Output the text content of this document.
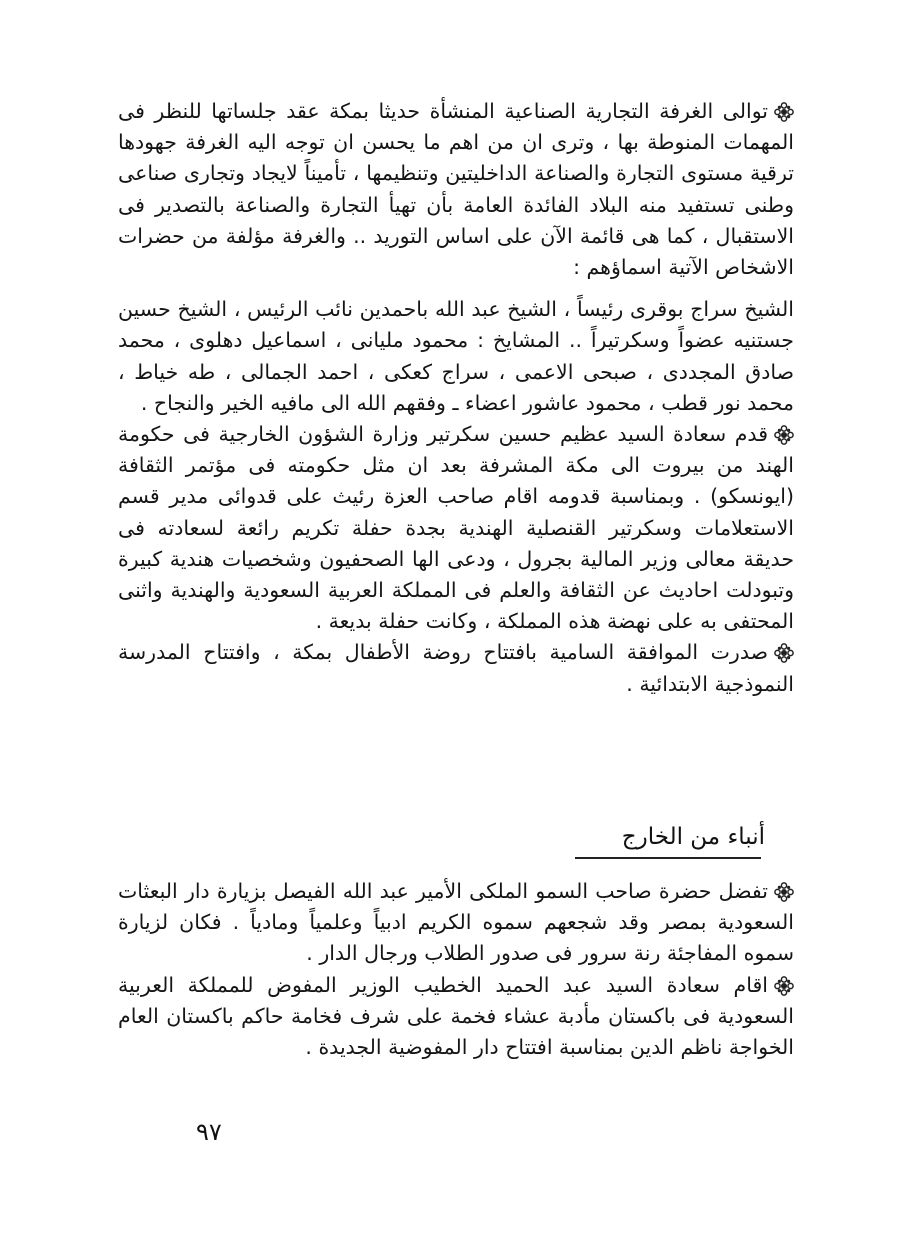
توالى الغرفة التجارية الصناعية المنشأة حديثا بمكة عقد جلساتها للنظر فى المهمات المنوطة بها ، وترى ان من اهم ما يحسن ان توجه اليه الغرفة جهودها ترقية مستوى التجارة والصناعة الداخليتين وتنظيمها ، تأميناً لايجاد وتجارى صناعى وطنى تستفيد منه البلاد الفائدة العامة بأن تهيأ التجارة والصناعة بالتصدير فى الاستقبال ، كما هى قائمة الآن على اساس التوريد .. والغرفة مؤلفة من حضرات الاشخاص الآتية اسماؤهم :

الشيخ سراج بوقرى رئيساً ، الشيخ عبد الله باحمدين نائب الرئيس ، الشيخ حسين جستنيه عضواً وسكرتيراً .. المشايخ : محمود مليانى ، اسماعيل دهلوى ، محمد صادق المجددى ، صبحى الاعمى ، سراج كعكى ، احمد الجمالى ، طه خياط ، محمد نور قطب ، محمود عاشور اعضاء ـ وفقهم الله الى مافيه الخير والنجاح .

قدم سعادة السيد عظيم حسين سكرتير وزارة الشؤون الخارجية فى حكومة الهند من بيروت الى مكة المشرفة بعد ان مثل حكومته فى مؤتمر الثقافة (ايونسكو) . وبمناسبة قدومه اقام صاحب العزة رئيث على قدوائى مدير قسم الاستعلامات وسكرتير القنصلية الهندية بجدة حفلة تكريم رائعة لسعادته فى حديقة معالى وزير المالية بجرول ، ودعى الها الصحفيون وشخصيات هندية كبيرة وتبودلت احاديث عن الثقافة والعلم فى المملكة العربية السعودية والهندية واثنى المحتفى به على نهضة هذه المملكة ، وكانت حفلة بديعة .

صدرت الموافقة السامية بافتتاح روضة الأطفال بمكة ، وافتتاح المدرسة النموذجية الابتدائية .

أنباء من الخارج

تفضل حضرة صاحب السمو الملكى الأمير عبد الله الفيصل بزيارة دار البعثات السعودية بمصر وقد شجعهم سموه الكريم ادبياً وعلمياً ومادياً . فكان لزيارة سموه المفاجئة رنة سرور فى صدور الطلاب ورجال الدار .

اقام سعادة السيد عبد الحميد الخطيب الوزير المفوض للمملكة العربية السعودية فى باكستان مأدبة عشاء فخمة على شرف فخامة حاكم باكستان العام الخواجة ناظم الدين بمناسبة افتتاح دار المفوضية الجديدة .

٩٧
